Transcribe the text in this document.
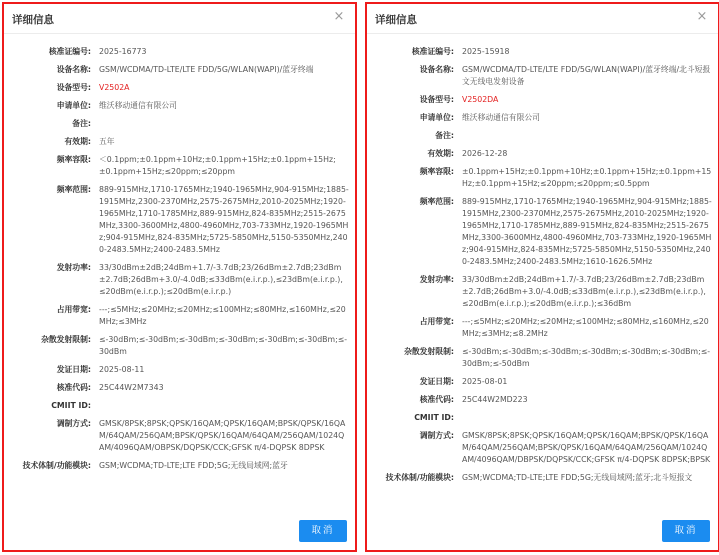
详细信息	×
核准证编号:	2025-16773
设备名称:	GSM/WCDMA/TD-LTE/LTE FDD/5G/WLAN(WAPI)/蓝牙终端
设备型号:	V2502A
申请单位:	维沃移动通信有限公司
备注:
有效期:	五年
频率容限:	＜0.1ppm;±0.1ppm+10Hz;±0.1ppm+15Hz;±0.1ppm+15Hz;±0.1ppm+15Hz;≤20ppm;≤20ppm
频率范围:	889-915MHz,1710-1765MHz;1940-1965MHz,904-915MHz;1885-1915MHz,2300-2370MHz,2575-2675MHz,2010-2025MHz;1920-1965MHz,1710-1785MHz,889-915MHz,824-835MHz;2515-2675MHz,3300-3600MHz,4800-4960MHz,703-733MHz,1920-1965MHz;904-915MHz,824-835MHz;5725-5850MHz,5150-5350MHz,2400-2483.5MHz;2400-2483.5MHz
发射功率:	33/30dBm±2dB;24dBm+1.7/-3.7dB;23/26dBm±2.7dB;23dBm±2.7dB;26dBm+3.0/-4.0dB;≤33dBm(e.i.r.p.),≤23dBm(e.i.r.p.),≤20dBm(e.i.r.p.);≤20dBm(e.i.r.p.)
占用带宽:	---;≤5MHz;≤20MHz;≤20MHz;≤100MHz;≤80MHz,≤160MHz,≤20MHz;≤3MHz
杂散发射限制:	≤-30dBm;≤-30dBm;≤-30dBm;≤-30dBm;≤-30dBm;≤-30dBm;≤-30dBm
发证日期:	2025-08-11
核准代码:	25C44W2M7343
CMIIT ID:
调制方式:	GMSK/8PSK;8PSK;QPSK/16QAM;QPSK/16QAM;BPSK/QPSK/16QAM/64QAM/256QAM;BPSK/QPSK/16QAM/64QAM/256QAM/1024QAM/4096QAM/OBPSK/DQPSK/CCK;GFSK π/4-DQPSK 8DPSK
技术体制/功能模块:	GSM;WCDMA;TD-LTE;LTE FDD;5G;无线局域网;蓝牙
取消
详细信息	×
核准证编号:	2025-15918
设备名称:	GSM/WCDMA/TD-LTE/LTE FDD/5G/WLAN(WAPI)/蓝牙终端/北斗短报文无线电发射设备
设备型号:	V2502DA
申请单位:	维沃移动通信有限公司
备注:
有效期:	2026-12-28
频率容限:	±0.1ppm+15Hz;±0.1ppm+10Hz;±0.1ppm+15Hz;±0.1ppm+15Hz;±0.1ppm+15Hz;≤20ppm;≤20ppm;≤0.5ppm
频率范围:	889-915MHz,1710-1765MHz;1940-1965MHz,904-915MHz;1885-1915MHz,2300-2370MHz,2575-2675MHz,2010-2025MHz;1920-1965MHz,1710-1785MHz,889-915MHz,824-835MHz;2515-2675MHz,3300-3600MHz,4800-4960MHz,703-733MHz,1920-1965MHz;904-915MHz,824-835MHz;5725-5850MHz,5150-5350MHz,2400-2483.5MHz;2400-2483.5MHz;1610-1626.5MHz
发射功率:	33/30dBm±2dB;24dBm+1.7/-3.7dB;23/26dBm±2.7dB;23dBm±2.7dB;26dBm+3.0/-4.0dB;≤33dBm(e.i.r.p.),≤23dBm(e.i.r.p.),≤20dBm(e.i.r.p.);≤20dBm(e.i.r.p.);≤36dBm
占用带宽:	---;≤5MHz;≤20MHz;≤20MHz;≤100MHz;≤80MHz,≤160MHz,≤20MHz;≤3MHz;≤8.2MHz
杂散发射限制:	≤-30dBm;≤-30dBm;≤-30dBm;≤-30dBm;≤-30dBm;≤-30dBm;≤-30dBm;≤-50dBm
发证日期:	2025-08-01
核准代码:	25C44W2MD223
CMIIT ID:
调制方式:	GMSK/8PSK;8PSK;QPSK/16QAM;QPSK/16QAM;BPSK/QPSK/16QAM/64QAM/256QAM;BPSK/QPSK/16QAM/64QAM/256QAM/1024QAM/4096QAM/DBPSK/DQPSK/CCK;GFSK π/4-DQPSK 8DPSK;BPSK
技术体制/功能模块:	GSM;WCDMA;TD-LTE;LTE FDD;5G;无线局域网;蓝牙;北斗短报文
取消
